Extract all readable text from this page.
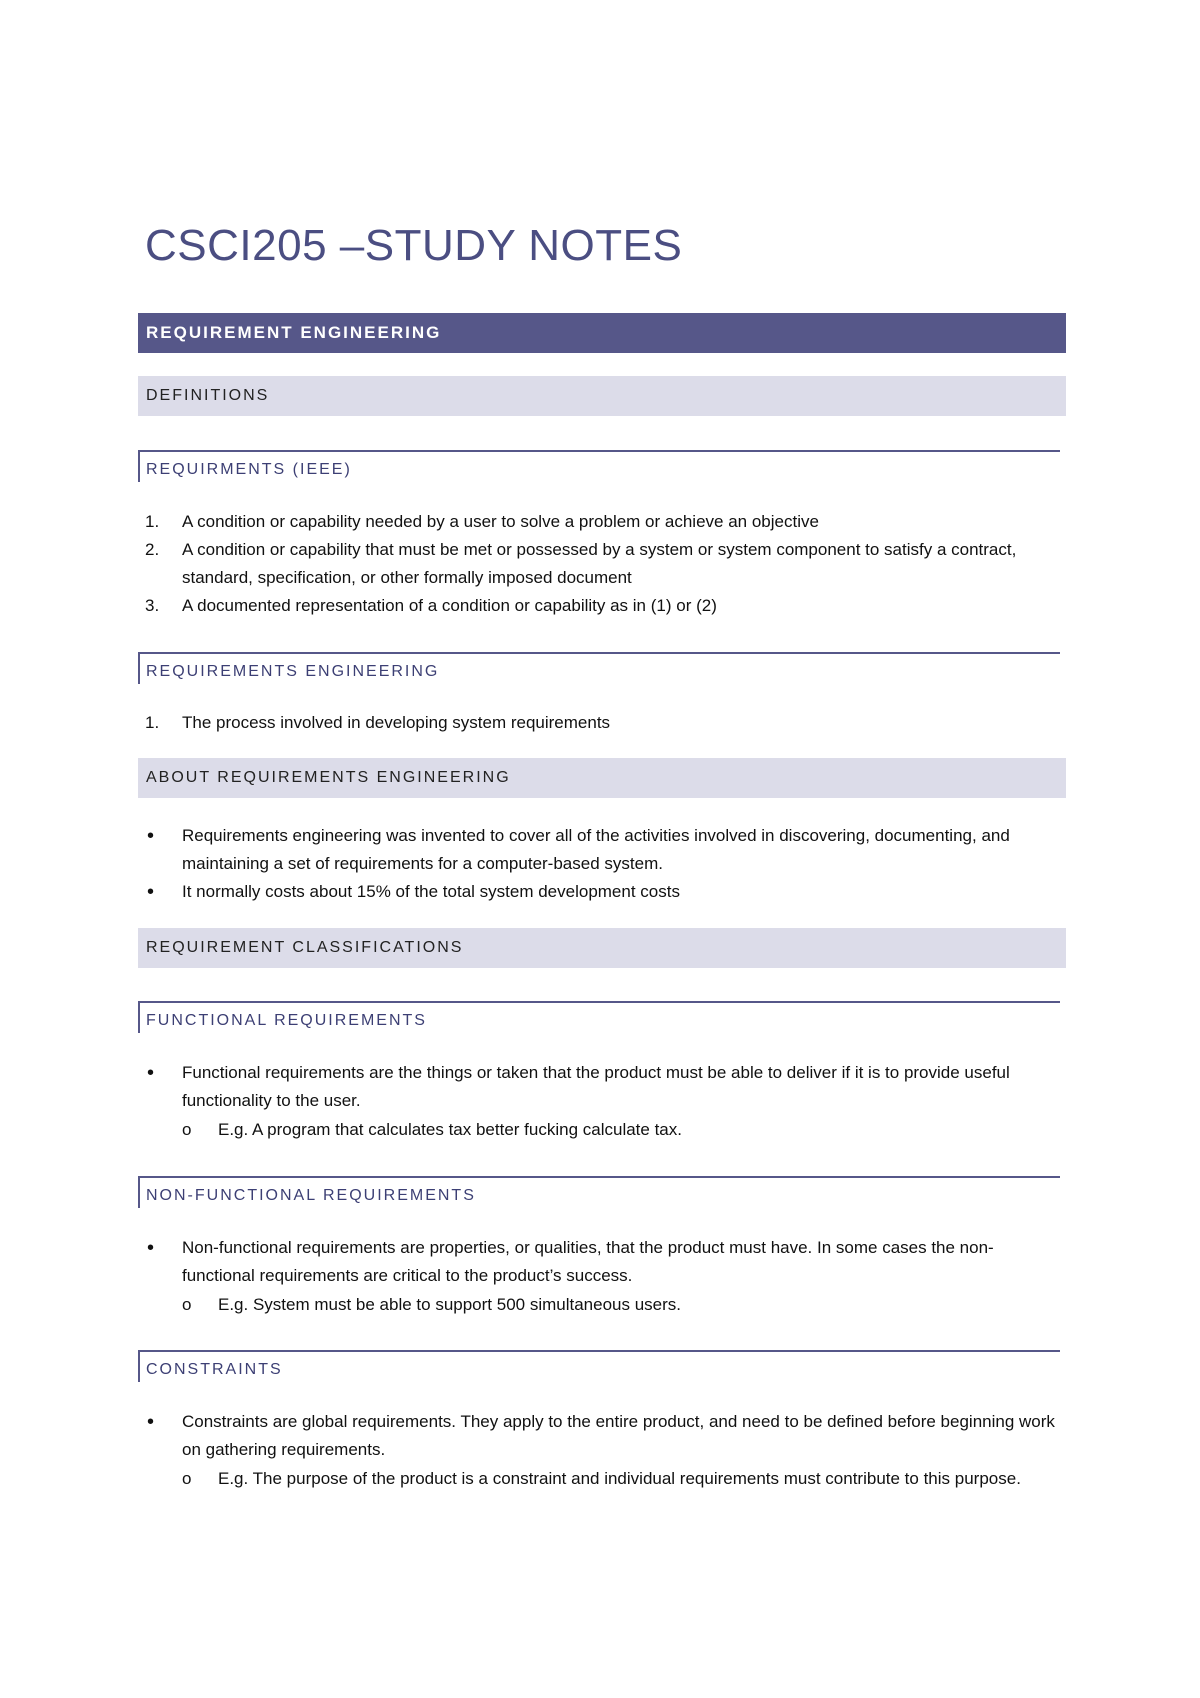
CSCI205 –STUDY NOTES
REQUIREMENT ENGINEERING
DEFINITIONS
REQUIRMENTS (IEEE)
1. A condition or capability needed by a user to solve a problem or achieve an objective
2. A condition or capability that must be met or possessed by a system or system component to satisfy a contract, standard, specification, or other formally imposed document
3. A documented representation of a condition or capability as in (1) or (2)
REQUIREMENTS ENGINEERING
1. The process involved in developing system requirements
ABOUT REQUIREMENTS ENGINEERING
• Requirements engineering was invented to cover all of the activities involved in discovering, documenting, and maintaining a set of requirements for a computer-based system.
• It normally costs about 15% of the total system development costs
REQUIREMENT CLASSIFICATIONS
FUNCTIONAL REQUIREMENTS
• Functional requirements are the things or taken that the product must be able to deliver if it is to provide useful functionality to the user.
o E.g. A program that calculates tax better fucking calculate tax.
NON-FUNCTIONAL REQUIREMENTS
• Non-functional requirements are properties, or qualities, that the product must have. In some cases the non-functional requirements are critical to the product’s success.
o E.g. System must be able to support 500 simultaneous users.
CONSTRAINTS
• Constraints are global requirements. They apply to the entire product, and need to be defined before beginning work on gathering requirements.
o E.g. The purpose of the product is a constraint and individual requirements must contribute to this purpose.
